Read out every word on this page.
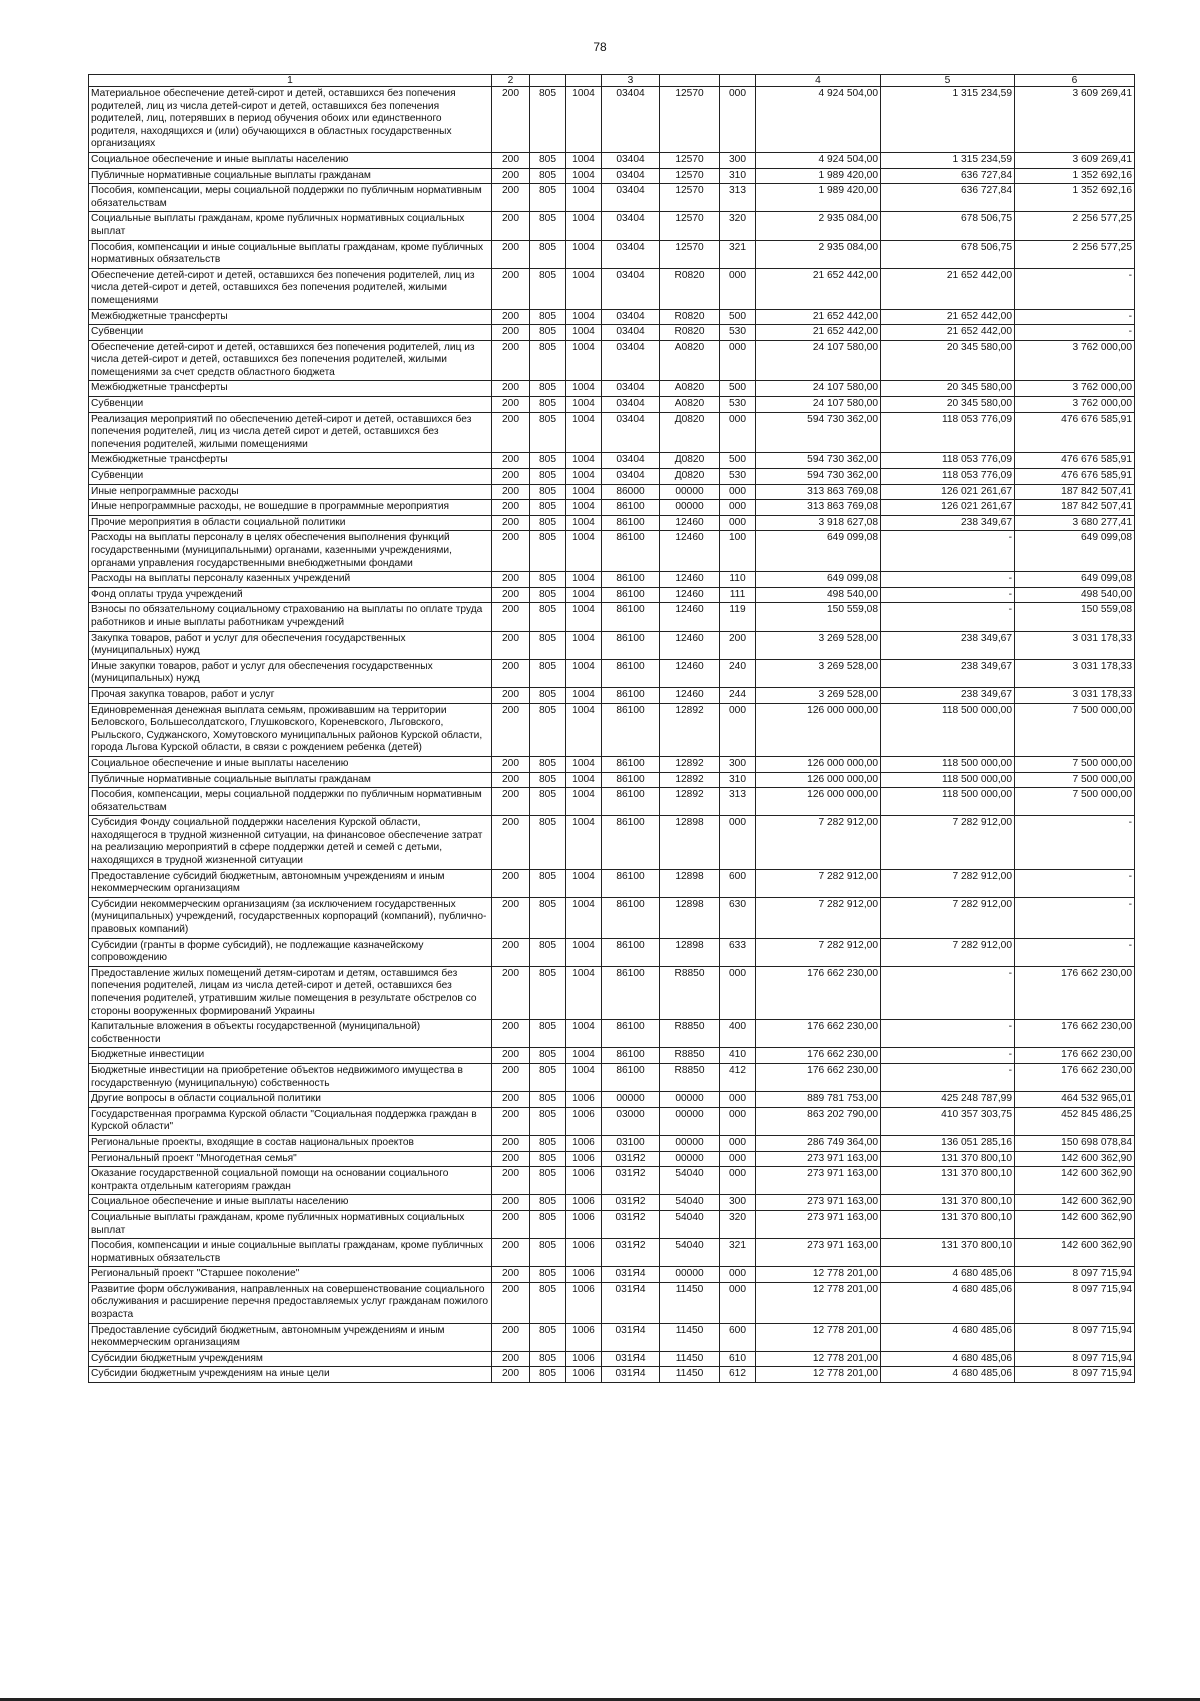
78
1	2			3			4	5	6
Материальное обеспечение детей-сирот и детей, оставшихся без попечения родителей, лиц из числа детей-сирот и детей, оставшихся без попечения родителей, лиц, потерявших в период обучения обоих или единственного родителя, находящихся и (или) обучающихся в областных государственных организациях	200	805	1004	03404	12570	000	4 924 504,00	1 315 234,59	3 609 269,41
Социальное обеспечение и иные выплаты населению	200	805	1004	03404	12570	300	4 924 504,00	1 315 234,59	3 609 269,41
Публичные нормативные социальные выплаты гражданам	200	805	1004	03404	12570	310	1 989 420,00	636 727,84	1 352 692,16
Пособия, компенсации, меры социальной поддержки по публичным нормативным обязательствам	200	805	1004	03404	12570	313	1 989 420,00	636 727,84	1 352 692,16
Социальные выплаты гражданам, кроме публичных нормативных социальных выплат	200	805	1004	03404	12570	320	2 935 084,00	678 506,75	2 256 577,25
Пособия, компенсации и иные социальные выплаты гражданам, кроме публичных нормативных обязательств	200	805	1004	03404	12570	321	2 935 084,00	678 506,75	2 256 577,25
Обеспечение детей-сирот и детей, оставшихся без попечения родителей, лиц из числа детей-сирот и детей, оставшихся без попечения родителей, жилыми помещениями	200	805	1004	03404	R0820	000	21 652 442,00	21 652 442,00	-
Межбюджетные трансферты	200	805	1004	03404	R0820	500	21 652 442,00	21 652 442,00	-
Субвенции	200	805	1004	03404	R0820	530	21 652 442,00	21 652 442,00	-
Обеспечение детей-сирот и детей, оставшихся без попечения родителей, лиц из числа детей-сирот и детей, оставшихся без попечения родителей, жилыми помещениями за счет средств областного бюджета	200	805	1004	03404	А0820	000	24 107 580,00	20 345 580,00	3 762 000,00
Межбюджетные трансферты	200	805	1004	03404	А0820	500	24 107 580,00	20 345 580,00	3 762 000,00
Субвенции	200	805	1004	03404	А0820	530	24 107 580,00	20 345 580,00	3 762 000,00
Реализация мероприятий по обеспечению детей-сирот и детей, оставшихся без попечения родителей, лиц из числа детей сирот и детей, оставшихся без попечения родителей, жилыми помещениями	200	805	1004	03404	Д0820	000	594 730 362,00	118 053 776,09	476 676 585,91
Межбюджетные трансферты	200	805	1004	03404	Д0820	500	594 730 362,00	118 053 776,09	476 676 585,91
Субвенции	200	805	1004	03404	Д0820	530	594 730 362,00	118 053 776,09	476 676 585,91
Иные непрограммные расходы	200	805	1004	86000	00000	000	313 863 769,08	126 021 261,67	187 842 507,41
Иные непрограммные расходы, не вошедшие в программные мероприятия	200	805	1004	86100	00000	000	313 863 769,08	126 021 261,67	187 842 507,41
Прочие мероприятия в области социальной политики	200	805	1004	86100	12460	000	3 918 627,08	238 349,67	3 680 277,41
Расходы на выплаты персоналу в целях обеспечения выполнения функций государственными (муниципальными) органами, казенными учреждениями, органами управления государственными внебюджетными фондами	200	805	1004	86100	12460	100	649 099,08	-	649 099,08
Расходы на выплаты персоналу казенных учреждений	200	805	1004	86100	12460	110	649 099,08	-	649 099,08
Фонд оплаты труда учреждений	200	805	1004	86100	12460	111	498 540,00	-	498 540,00
Взносы по обязательному социальному страхованию на выплаты по оплате труда работников и иные выплаты работникам учреждений	200	805	1004	86100	12460	119	150 559,08	-	150 559,08
Закупка товаров, работ и услуг для обеспечения государственных (муниципальных) нужд	200	805	1004	86100	12460	200	3 269 528,00	238 349,67	3 031 178,33
Иные закупки товаров, работ и услуг для обеспечения государственных (муниципальных) нужд	200	805	1004	86100	12460	240	3 269 528,00	238 349,67	3 031 178,33
Прочая закупка товаров, работ и услуг	200	805	1004	86100	12460	244	3 269 528,00	238 349,67	3 031 178,33
Единовременная денежная выплата семьям, проживавшим на территории Беловского, Большесолдатского, Глушковского, Кореневского, Льговского, Рыльского, Суджанского, Хомутовского муниципальных районов Курской области, города Льгова Курской области, в связи с рождением ребенка (детей)	200	805	1004	86100	12892	000	126 000 000,00	118 500 000,00	7 500 000,00
Социальное обеспечение и иные выплаты населению	200	805	1004	86100	12892	300	126 000 000,00	118 500 000,00	7 500 000,00
Публичные нормативные социальные выплаты гражданам	200	805	1004	86100	12892	310	126 000 000,00	118 500 000,00	7 500 000,00
Пособия, компенсации, меры социальной поддержки по публичным нормативным обязательствам	200	805	1004	86100	12892	313	126 000 000,00	118 500 000,00	7 500 000,00
Субсидия Фонду социальной поддержки населения Курской области, находящегося в трудной жизненной ситуации, на финансовое обеспечение затрат на реализацию мероприятий в сфере поддержки детей и семей с детьми, находящихся в трудной жизненной ситуации	200	805	1004	86100	12898	000	7 282 912,00	7 282 912,00	-
Предоставление субсидий бюджетным, автономным учреждениям и иным некоммерческим организациям	200	805	1004	86100	12898	600	7 282 912,00	7 282 912,00	-
Субсидии некоммерческим организациям (за исключением государственных (муниципальных) учреждений, государственных корпораций (компаний), публично-правовых компаний)	200	805	1004	86100	12898	630	7 282 912,00	7 282 912,00	-
Субсидии (гранты в форме субсидий), не подлежащие казначейскому сопровождению	200	805	1004	86100	12898	633	7 282 912,00	7 282 912,00	-
Предоставление жилых помещений детям-сиротам и детям, оставшимся без попечения родителей, лицам из числа детей-сирот и детей, оставшихся без попечения родителей, утратившим жилые помещения в результате обстрелов со стороны вооруженных формирований Украины	200	805	1004	86100	R8850	000	176 662 230,00	-	176 662 230,00
Капитальные вложения в объекты государственной (муниципальной) собственности	200	805	1004	86100	R8850	400	176 662 230,00	-	176 662 230,00
Бюджетные инвестиции	200	805	1004	86100	R8850	410	176 662 230,00	-	176 662 230,00
Бюджетные инвестиции на приобретение объектов недвижимого имущества в государственную (муниципальную) собственность	200	805	1004	86100	R8850	412	176 662 230,00	-	176 662 230,00
Другие вопросы в области социальной политики	200	805	1006	00000	00000	000	889 781 753,00	425 248 787,99	464 532 965,01
Государственная программа Курской области "Социальная поддержка граждан в Курской области"	200	805	1006	03000	00000	000	863 202 790,00	410 357 303,75	452 845 486,25
Региональные проекты, входящие в состав национальных проектов	200	805	1006	03100	00000	000	286 749 364,00	136 051 285,16	150 698 078,84
Региональный проект "Многодетная семья"	200	805	1006	031Я2	00000	000	273 971 163,00	131 370 800,10	142 600 362,90
Оказание государственной социальной помощи на основании социального контракта отдельным категориям граждан	200	805	1006	031Я2	54040	000	273 971 163,00	131 370 800,10	142 600 362,90
Социальное обеспечение и иные выплаты населению	200	805	1006	031Я2	54040	300	273 971 163,00	131 370 800,10	142 600 362,90
Социальные выплаты гражданам, кроме публичных нормативных социальных выплат	200	805	1006	031Я2	54040	320	273 971 163,00	131 370 800,10	142 600 362,90
Пособия, компенсации и иные социальные выплаты гражданам, кроме публичных нормативных обязательств	200	805	1006	031Я2	54040	321	273 971 163,00	131 370 800,10	142 600 362,90
Региональный проект "Старшее поколение"	200	805	1006	031Я4	00000	000	12 778 201,00	4 680 485,06	8 097 715,94
Развитие форм обслуживания, направленных на совершенствование социального обслуживания и расширение перечня предоставляемых услуг гражданам пожилого возраста	200	805	1006	031Я4	11450	000	12 778 201,00	4 680 485,06	8 097 715,94
Предоставление субсидий бюджетным, автономным учреждениям и иным некоммерческим организациям	200	805	1006	031Я4	11450	600	12 778 201,00	4 680 485,06	8 097 715,94
Субсидии бюджетным учреждениям	200	805	1006	031Я4	11450	610	12 778 201,00	4 680 485,06	8 097 715,94
Субсидии бюджетным учреждениям на иные цели	200	805	1006	031Я4	11450	612	12 778 201,00	4 680 485,06	8 097 715,94
